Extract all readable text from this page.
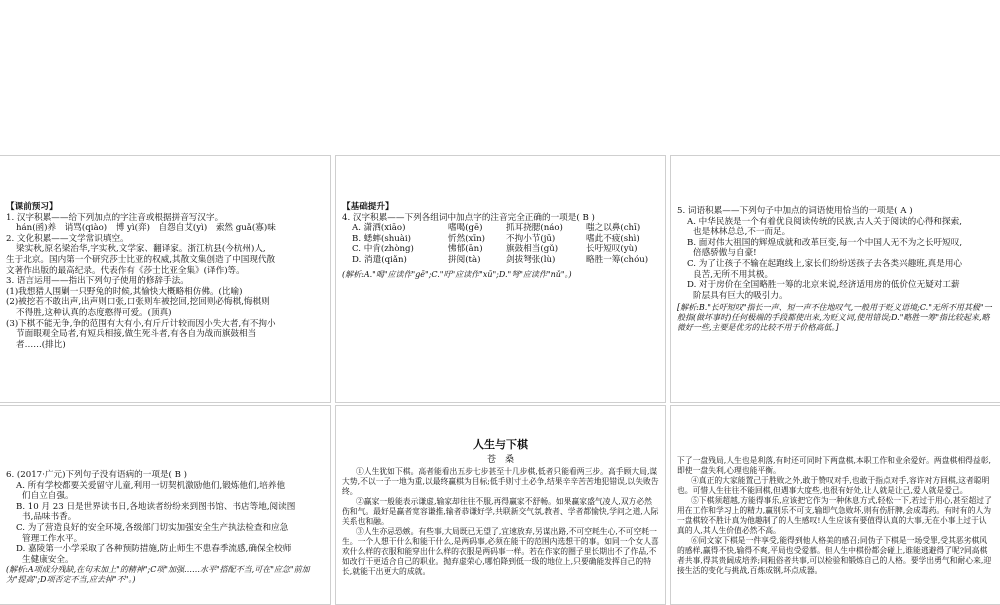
【课前预习】
1. 汉字积累——给下列加点的字注音或根据拼音写汉字。
hán(函)养　诮骂(qiào)　博 yì(弈)　自怨自艾(yì)　索然 guǎ(寡)味
2. 文化积累——文学常识填空。
梁实秋,原名梁治华,字实秋,文学家、翻译家。浙江杭县(今杭州)人,
生于北京。国内第一个研究莎士比亚的权威,其散文集创造了中国现代散
文著作出版的最高纪录。代表作有《莎士比亚全集》(译作)等。
3. 语言运用——指出下列句子使用的修辞手法。
(1)我想猎人围剿一只野兔的时候,其愉快大概略相仿佛。(比喻)
(2)被挖若不敢出声,出声则口张,口张则车被挖回,挖回则必悔棋,悔棋则
不得胜,这种认真的态度憨得可爱。(顶真)
(3)下棋不能无争,争的范围有大有小,有斤斤计较而因小失大者,有不拘小
节面眼观全局者,有短兵相接,做生死斗者,有各自为战而旗鼓相当
者……(排比)
【基础提升】
4. 汉字积累——下列各组词中加点字的注音完全正确的一项是( B )
A. 潇洒(xiāo)	嗜喝(gē)	抓耳挠腮(náo)	嗤之以鼻(chī)
B. 蟋蟀(shuài)	忻然(xīn) 不拘小节(jū)	嗜此不疲(shì)
C. 中肯(zhòng)	怫郁(ān)	旗鼓相当(gǔ)	长吁短叹(yù)
D. 消遣(qiǎn)	拼阅(tà)	剑拔弩张(lù)	略胜一筹(chóu)
(解析:A."喝"应读作"gē";C."吁"应读作"xū";D."弩"应读作"nǔ"。)
5. 词语积累——下列句子中加点的词语使用恰当的一项是( A )
A. 中华民族是一个有着优良阅读传统的民族,古人关于阅读的心得和探索,
也是林林总总,不一而足。
B. 面对伟大祖国的辉煌成就和改革巨变,每一个中国人无不为之长吁短叹,
倍感骄傲与自豪!
C. 为了让孩子不输在起跑线上,家长们纷纷送孩子去各类兴趣班,真是用心
良苦,无所不用其极。
D. 对于房价在全国略胜一筹的北京来说,经济适用房的低价位无疑对工薪
阶层具有巨大的吸引力。
[解析:B."长吁短叹"指长一声、短一声不住地叹气,一般用于贬义语境;C."无所不用其极"一般指(做坏事时)任何极端的手段都使出来,为贬义词,使用错误;D."略胜一筹"指比较起来,略微好一些,主要是优劣的比较不用于价格高低。]
6. (2017·广元)下列句子没有语病的一项是( B )
A. 所有学校都要关爱留守儿童,利用一切契机激励他们,锻炼他们,培养他
们自立自强。
B. 10 月 23 日是世界读书日,各地读者纷纷来到图书馆、书店等地,阅读图
书,品味书香。
C. 为了营造良好的安全环境,各级部门切实加强安全生产执法检查和应急
管理工作水平。
D. 嘉陵第一小学采取了各种预防措施,防止师生不患春季流感,确保全校师
生健康安全。
(解析:A项成分残缺,在句末加上"的精神";C项"加强……水平"搭配不当,可在"应急"前加为"提高";D项否定不当,应去掉"不"。)
人生与下棋
苍　桑

①人生犹如下棋。高者能看出五步七步甚至十几步棋,低者只能看两三步。高手顾大局,谋大势,不以一子一地为重,以最终赢棋为目标;低手则寸土必争,结果辛辛苦苦地犯错误,以失败告终。

②赢家一般能表示谦虚,输家却往往不服,再得赢家不舒畅。如果赢家盛气凌人,双方必然伤和气。最好是赢者宽容谦推,输者恭谦好学,共联新交气氛,教者、学者都愉快,学问之道,人际关系也和融。

③人生亦忌恐嫉。有些事,大局既已无望了,宜速放弃,另谋出路,不可空耗生心,不可空耗一生。一个人想干什么和能干什么,是两码事,必须在能干的范围内选想干的事。如同一个女人喜欢什么样的衣服和能穿出什么样的衣服是两码事一样。若在作家的圈子里长期出不了作品,不如改行干更适合自己的职业。抛弃虚荣心,哪怕降到低一级的地位上,只要确能发挥自己的特长,就能干出更大的成就。

下了一盘残局,人生也是利落,有时还可同时下两盘棋,本职工作和业余爱好。两盘棋相得益彰,即使一盘失利,心理也能平衡。

④真正的大家能置己于胜败之外,敢于赞叹对手,也敢于指点对手,容许对方回棋,这者聪明也。可惜人生往往不能回棋,但遇事大度些,也很有好处,让人就是让己,爱人就是爱己。

⑤下棋须超越,方能得事乐,应该把它作为一种休息方式,轻松一下,若过于用心,甚至超过了用在工作和学习上的精力,赢别乐不可支,输即气急败坏,则有伤肝脾,会成毒药。有时有的人为一盘棋较不胜计真为他趣制了的人生感叹!人生应该有要值得认真的大事,无在小事上过于认真的人,其人生价值必然不高。

⑥同文家下棋是一件享受,能得到他人格美的感召;同伪子下棋是一场受罪,受其恶劣棋风的感样,赢得不快,输得不爽,平局也受爱慕。但人生中棋份都会碰上,谁能逃避得了呢?同高棋者共事,得其贵阔成培养;同粗俗者共事,可以检验和锻炼自己的人格。要学出勇气和耐心来,迎接生活的变化与挑战,百炼成钢,坏点成器。
